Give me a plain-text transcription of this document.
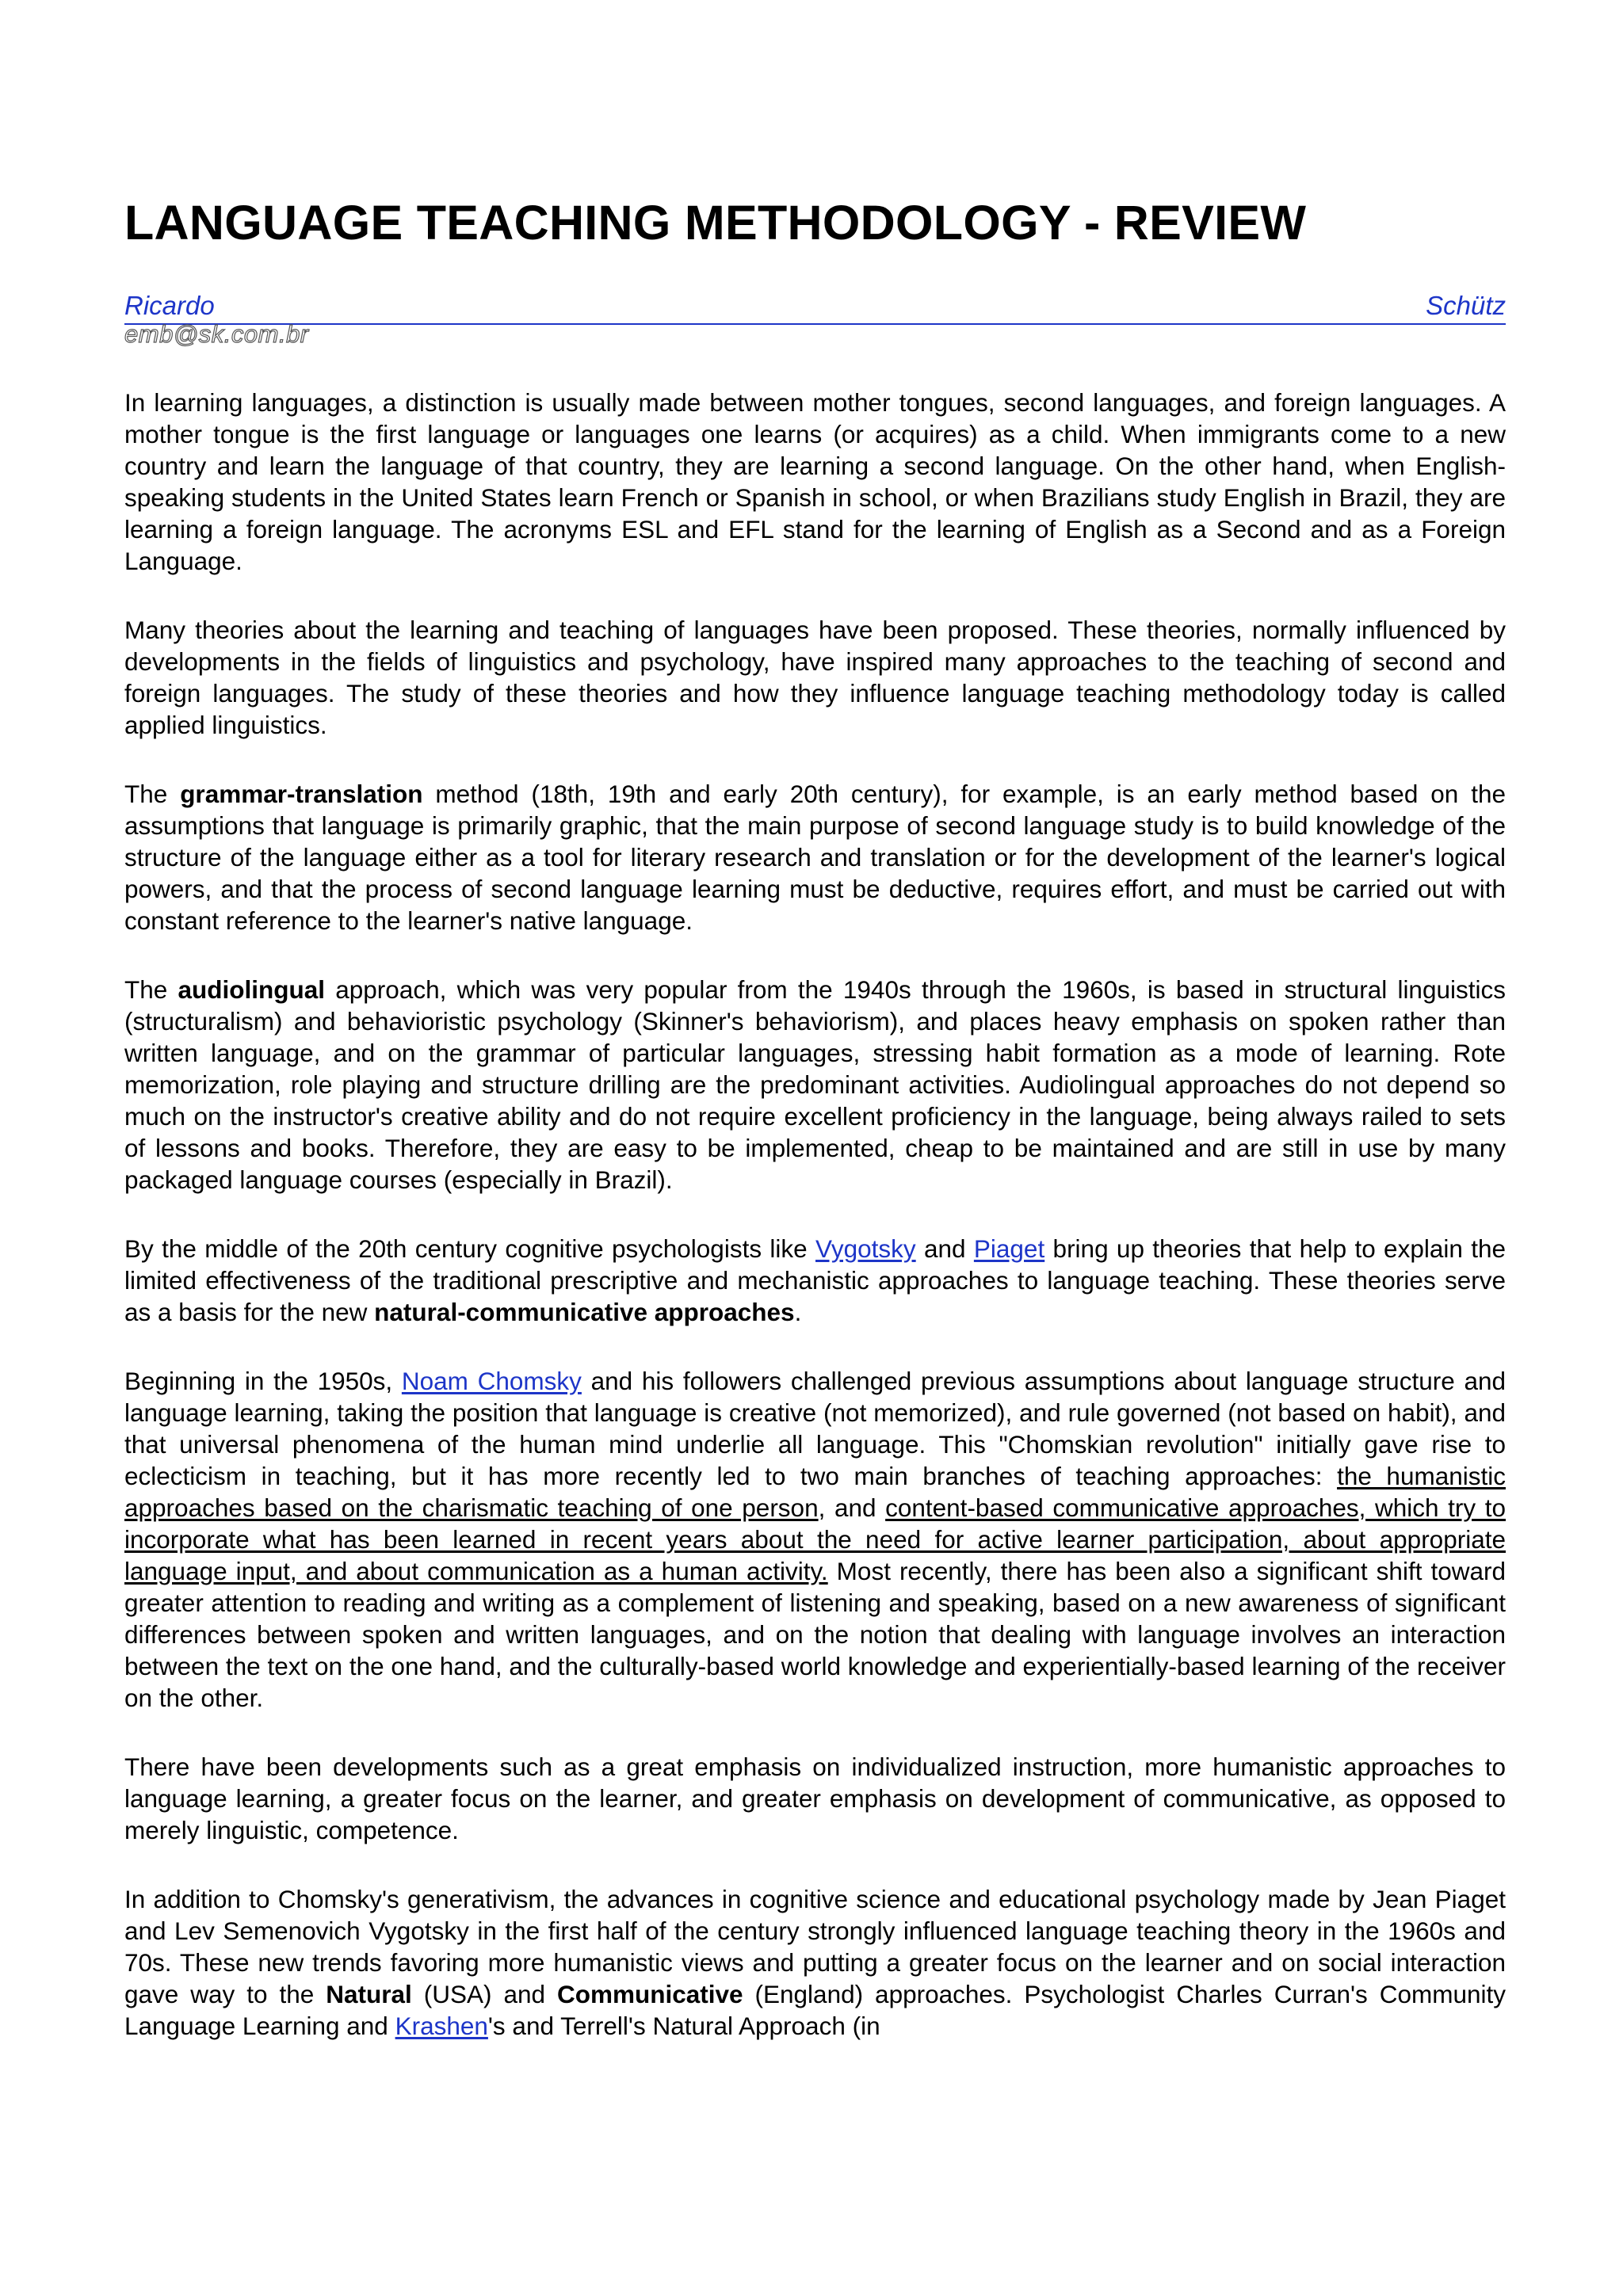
LANGUAGE TEACHING METHODOLOGY - REVIEW
Ricardo	Schütz
emb@sk.com.br

In learning languages, a distinction is usually made between mother tongues, second languages, and foreign languages. A mother tongue is the first language or languages one learns (or acquires) as a child. When immigrants come to a new country and learn the language of that country, they are learning a second language. On the other hand, when English-speaking students in the United States learn French or Spanish in school, or when Brazilians study English in Brazil, they are learning a foreign language. The acronyms ESL and EFL stand for the learning of English as a Second and as a Foreign Language.

Many theories about the learning and teaching of languages have been proposed. These theories, normally influenced by developments in the fields of linguistics and psychology, have inspired many approaches to the teaching of second and foreign languages. The study of these theories and how they influence language teaching methodology today is called applied linguistics.

The grammar-translation method (18th, 19th and early 20th century), for example, is an early method based on the assumptions that language is primarily graphic, that the main purpose of second language study is to build knowledge of the structure of the language either as a tool for literary research and translation or for the development of the learner's logical powers, and that the process of second language learning must be deductive, requires effort, and must be carried out with constant reference to the learner's native language.

The audiolingual approach, which was very popular from the 1940s through the 1960s, is based in structural linguistics (structuralism) and behavioristic psychology (Skinner's behaviorism), and places heavy emphasis on spoken rather than written language, and on the grammar of particular languages, stressing habit formation as a mode of learning. Rote memorization, role playing and structure drilling are the predominant activities. Audiolingual approaches do not depend so much on the instructor's creative ability and do not require excellent proficiency in the language, being always railed to sets of lessons and books. Therefore, they are easy to be implemented, cheap to be maintained and are still in use by many packaged language courses (especially in Brazil).

By the middle of the 20th century cognitive psychologists like Vygotsky and Piaget bring up theories that help to explain the limited effectiveness of the traditional prescriptive and mechanistic approaches to language teaching. These theories serve as a basis for the new natural-communicative approaches.

Beginning in the 1950s, Noam Chomsky and his followers challenged previous assumptions about language structure and language learning, taking the position that language is creative (not memorized), and rule governed (not based on habit), and that universal phenomena of the human mind underlie all language. This "Chomskian revolution" initially gave rise to eclecticism in teaching, but it has more recently led to two main branches of teaching approaches: the humanistic approaches based on the charismatic teaching of one person, and content-based communicative approaches, which try to incorporate what has been learned in recent years about the need for active learner participation, about appropriate language input, and about communication as a human activity. Most recently, there has been also a significant shift toward greater attention to reading and writing as a complement of listening and speaking, based on a new awareness of significant differences between spoken and written languages, and on the notion that dealing with language involves an interaction between the text on the one hand, and the culturally-based world knowledge and experientially-based learning of the receiver on the other.

There have been developments such as a great emphasis on individualized instruction, more humanistic approaches to language learning, a greater focus on the learner, and greater emphasis on development of communicative, as opposed to merely linguistic, competence.

In addition to Chomsky's generativism, the advances in cognitive science and educational psychology made by Jean Piaget and Lev Semenovich Vygotsky in the first half of the century strongly influenced language teaching theory in the 1960s and 70s. These new trends favoring more humanistic views and putting a greater focus on the learner and on social interaction gave way to the Natural (USA) and Communicative (England) approaches. Psychologist Charles Curran's Community Language Learning and Krashen's and Terrell's Natural Approach (in
